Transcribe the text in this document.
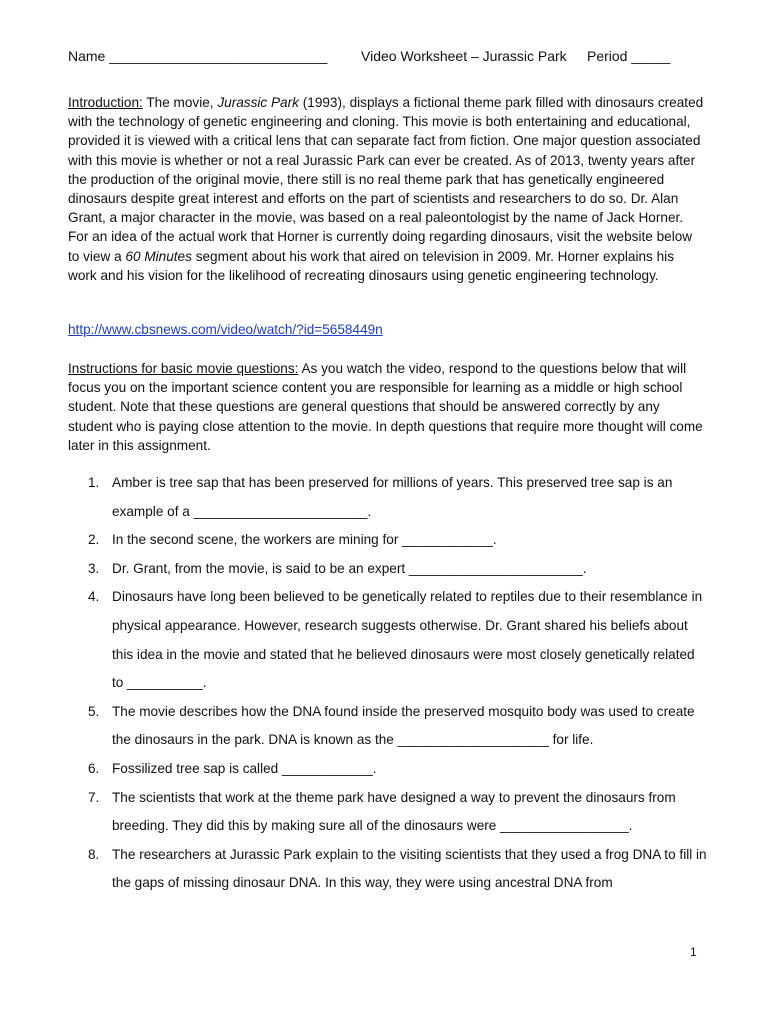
Name ____________________________ Video Worksheet – Jurassic Park Period _____
Introduction: The movie, Jurassic Park (1993), displays a fictional theme park filled with dinosaurs created with the technology of genetic engineering and cloning. This movie is both entertaining and educational, provided it is viewed with a critical lens that can separate fact from fiction. One major question associated with this movie is whether or not a real Jurassic Park can ever be created. As of 2013, twenty years after the production of the original movie, there still is no real theme park that has genetically engineered dinosaurs despite great interest and efforts on the part of scientists and researchers to do so. Dr. Alan Grant, a major character in the movie, was based on a real paleontologist by the name of Jack Horner. For an idea of the actual work that Horner is currently doing regarding dinosaurs, visit the website below to view a 60 Minutes segment about his work that aired on television in 2009. Mr. Horner explains his work and his vision for the likelihood of recreating dinosaurs using genetic engineering technology.
http://www.cbsnews.com/video/watch/?id=5658449n
Instructions for basic movie questions: As you watch the video, respond to the questions below that will focus you on the important science content you are responsible for learning as a middle or high school student. Note that these questions are general questions that should be answered correctly by any student who is paying close attention to the movie. In depth questions that require more thought will come later in this assignment.
1. Amber is tree sap that has been preserved for millions of years. This preserved tree sap is an example of a _______________________.
2. In the second scene, the workers are mining for ____________.
3. Dr. Grant, from the movie, is said to be an expert _______________________.
4. Dinosaurs have long been believed to be genetically related to reptiles due to their resemblance in physical appearance. However, research suggests otherwise. Dr. Grant shared his beliefs about this idea in the movie and stated that he believed dinosaurs were most closely genetically related to __________.
5. The movie describes how the DNA found inside the preserved mosquito body was used to create the dinosaurs in the park. DNA is known as the ____________________ for life.
6. Fossilized tree sap is called ____________.
7. The scientists that work at the theme park have designed a way to prevent the dinosaurs from breeding. They did this by making sure all of the dinosaurs were _________________.
8. The researchers at Jurassic Park explain to the visiting scientists that they used a frog DNA to fill in the gaps of missing dinosaur DNA. In this way, they were using ancestral DNA from
1
